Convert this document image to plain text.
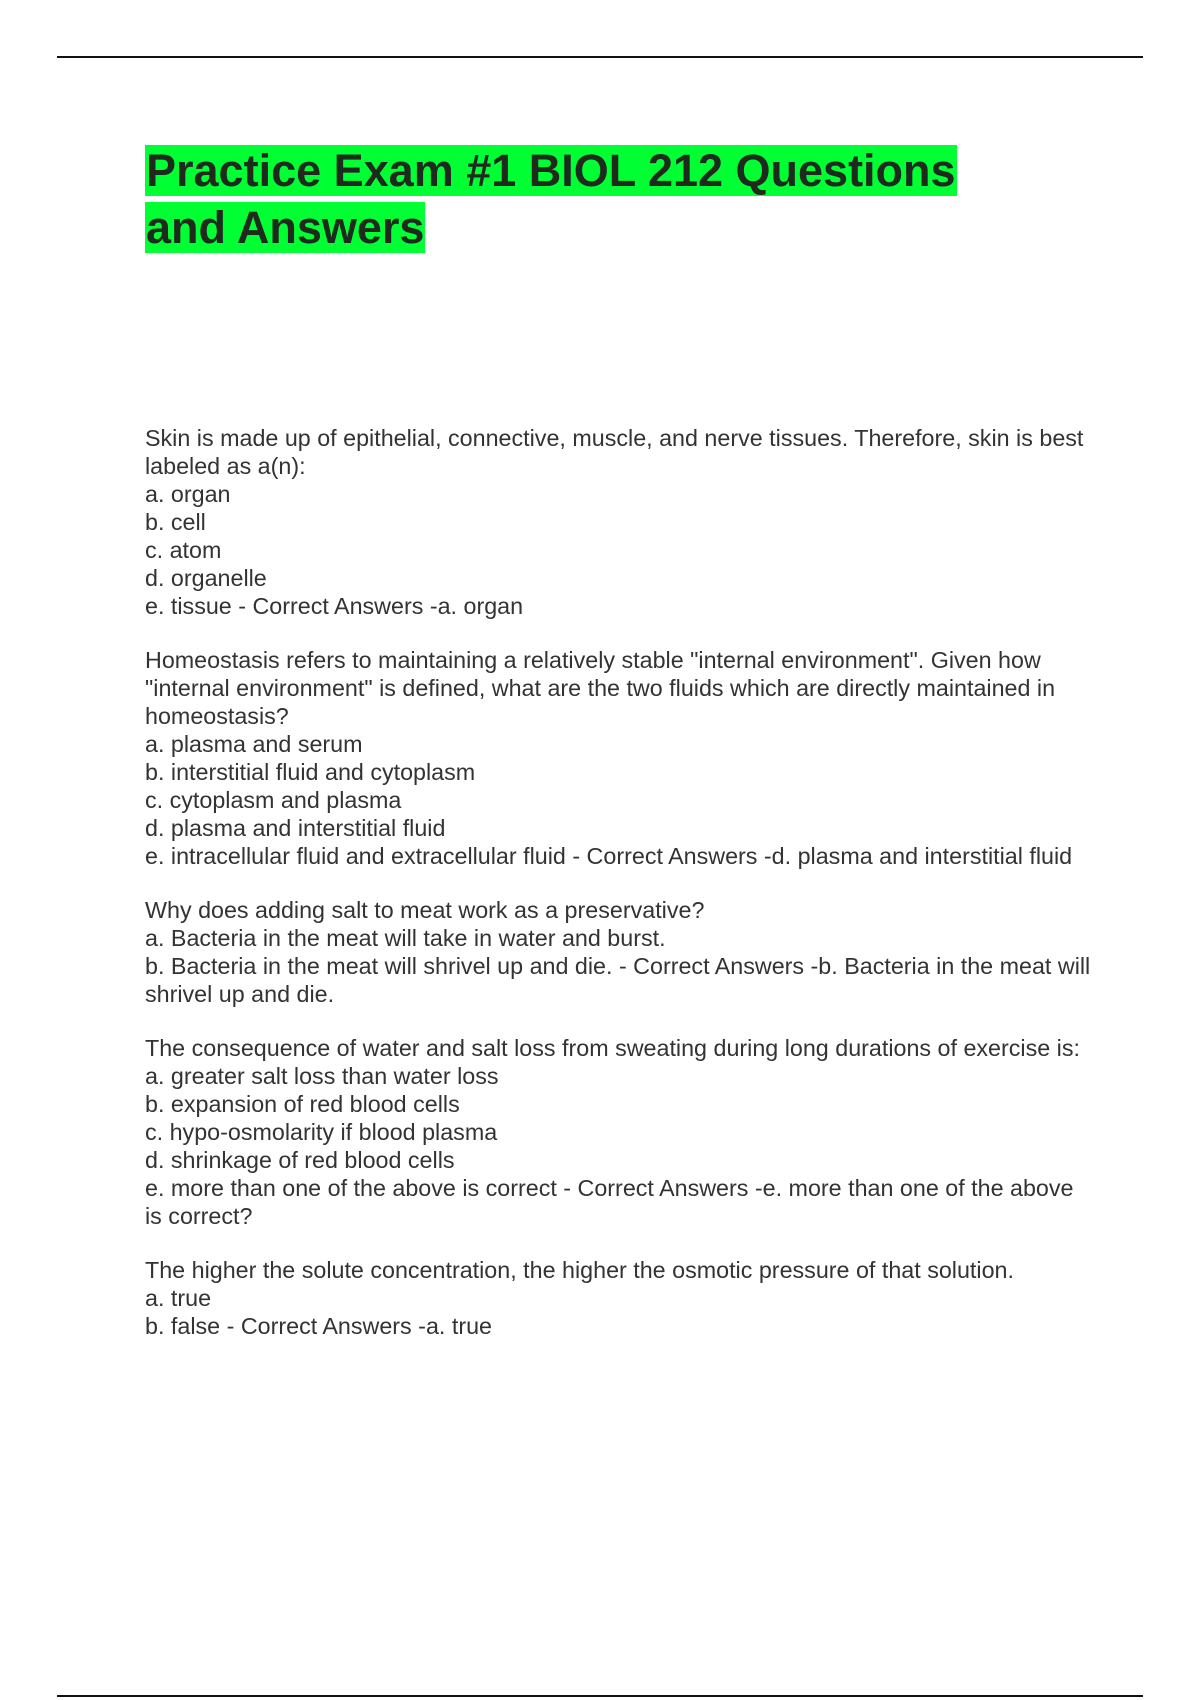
Practice Exam #1 BIOL 212 Questions and Answers
Skin is made up of epithelial, connective, muscle, and nerve tissues. Therefore, skin is best labeled as a(n):
a. organ
b. cell
c. atom
d. organelle
e. tissue - Correct Answers -a. organ
Homeostasis refers to maintaining a relatively stable "internal environment". Given how "internal environment" is defined, what are the two fluids which are directly maintained in homeostasis?
a. plasma and serum
b. interstitial fluid and cytoplasm
c. cytoplasm and plasma
d. plasma and interstitial fluid
e. intracellular fluid and extracellular fluid - Correct Answers -d. plasma and interstitial fluid
Why does adding salt to meat work as a preservative?
a. Bacteria in the meat will take in water and burst.
b. Bacteria in the meat will shrivel up and die. - Correct Answers -b. Bacteria in the meat will shrivel up and die.
The consequence of water and salt loss from sweating during long durations of exercise is:
a. greater salt loss than water loss
b. expansion of red blood cells
c. hypo-osmolarity if blood plasma
d. shrinkage of red blood cells
e. more than one of the above is correct - Correct Answers -e. more than one of the above is correct?
The higher the solute concentration, the higher the osmotic pressure of that solution.
a. true
b. false - Correct Answers -a. true
